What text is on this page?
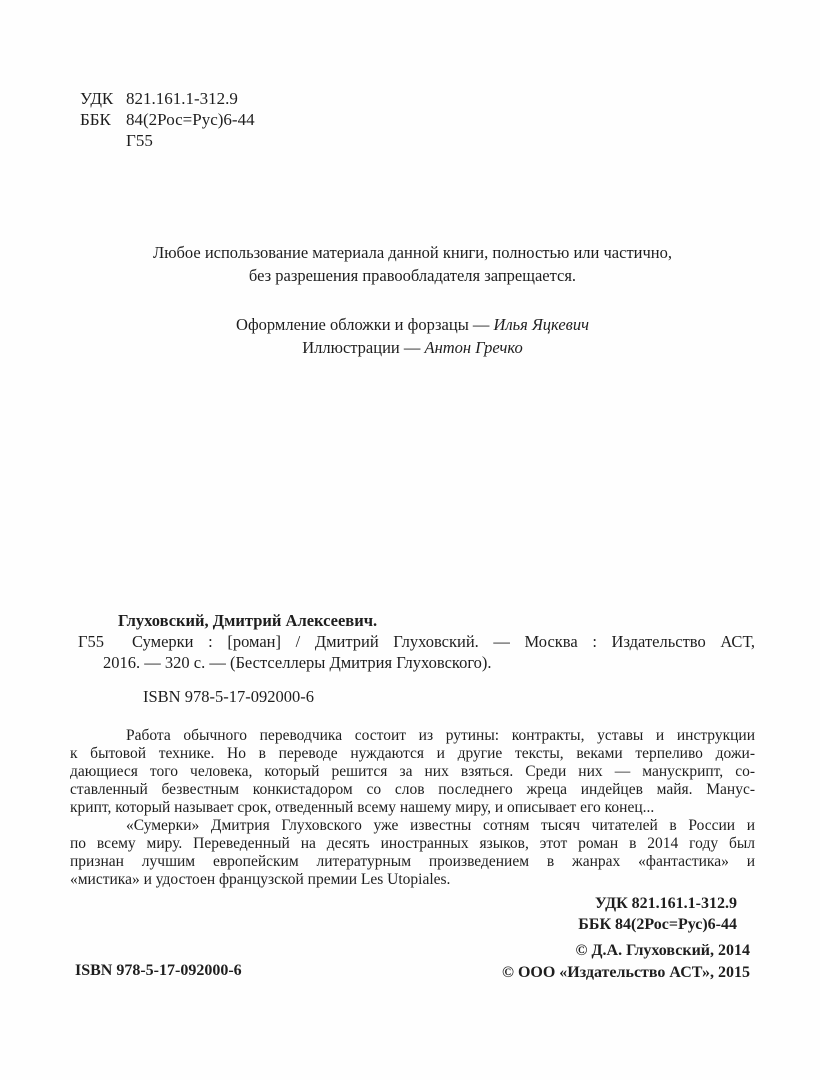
УДК 821.161.1-312.9
ББК 84(2Рос=Рус)6-44
Г55
Любое использование материала данной книги, полностью или частично,
без разрешения правообладателя запрещается.
Оформление обложки и форзацы — Илья Яцкевич
Иллюстрации — Антон Гречко
Глуховский, Дмитрий Алексеевич.
Г55 Сумерки : [роман] / Дмитрий Глуховский. — Москва : Издательство АСТ,
2016. — 320 с. — (Бестселлеры Дмитрия Глуховского).
ISBN 978-5-17-092000-6
Работа обычного переводчика состоит из рутины: контракты, уставы и инструкции
к бытовой технике. Но в переводе нуждаются и другие тексты, веками терпеливо дожи-
дающиеся того человека, который решится за них взяться. Среди них — манускрипт, со-
ставленный безвестным конкистадором со слов последнего жреца индейцев майя. Манус-
крипт, который называет срок, отведенный всему нашему миру, и описывает его конец...
«Сумерки» Дмитрия Глуховского уже известны сотням тысяч читателей в России и
по всему миру. Переведенный на десять иностранных языков, этот роман в 2014 году был
признан лучшим европейским литературным произведением в жанрах «фантастика» и
«мистика» и удостоен французской премии Les Utopiales.
УДК 821.161.1-312.9
ББК 84(2Рос=Рус)6-44
© Д.А. Глуховский, 2014
© ООО «Издательство АСТ», 2015
ISBN 978-5-17-092000-6
